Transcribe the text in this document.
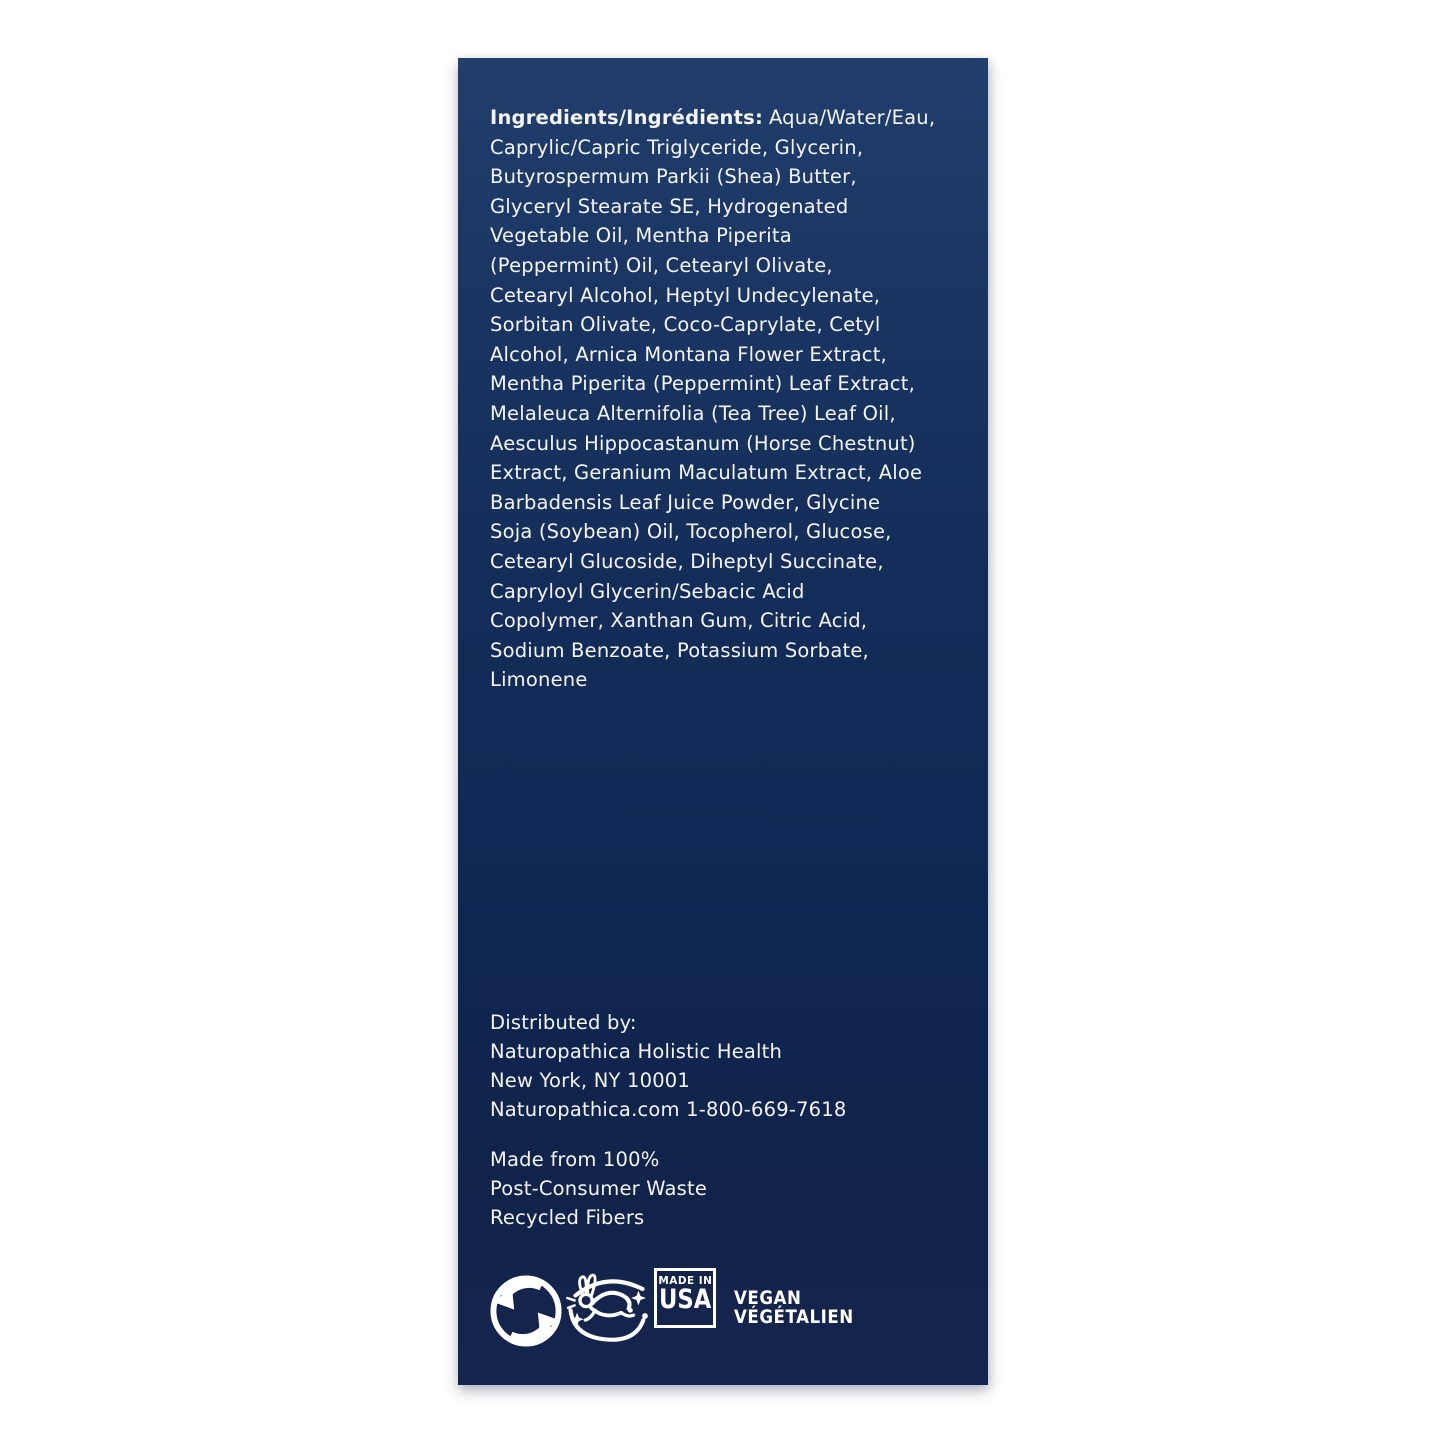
Ingredients/Ingrédients: Aqua/Water/Eau,
Caprylic/Capric Triglyceride, Glycerin,
Butyrospermum Parkii (Shea) Butter,
Glyceryl Stearate SE, Hydrogenated
Vegetable Oil, Mentha Piperita
(Peppermint) Oil, Cetearyl Olivate,
Cetearyl Alcohol, Heptyl Undecylenate,
Sorbitan Olivate, Coco-Caprylate, Cetyl
Alcohol, Arnica Montana Flower Extract,
Mentha Piperita (Peppermint) Leaf Extract,
Melaleuca Alternifolia (Tea Tree) Leaf Oil,
Aesculus Hippocastanum (Horse Chestnut)
Extract, Geranium Maculatum Extract, Aloe
Barbadensis Leaf Juice Powder, Glycine
Soja (Soybean) Oil, Tocopherol, Glucose,
Cetearyl Glucoside, Diheptyl Succinate,
Capryloyl Glycerin/Sebacic Acid
Copolymer, Xanthan Gum, Citric Acid,
Sodium Benzoate, Potassium Sorbate,
Limonene
Distributed by:
Naturopathica Holistic Health
New York, NY 10001
Naturopathica.com 1-800-669-7618
Made from 100%
Post-Consumer Waste
Recycled Fibers
MADE IN
USA VEGAN
VÉGÉTALIEN
